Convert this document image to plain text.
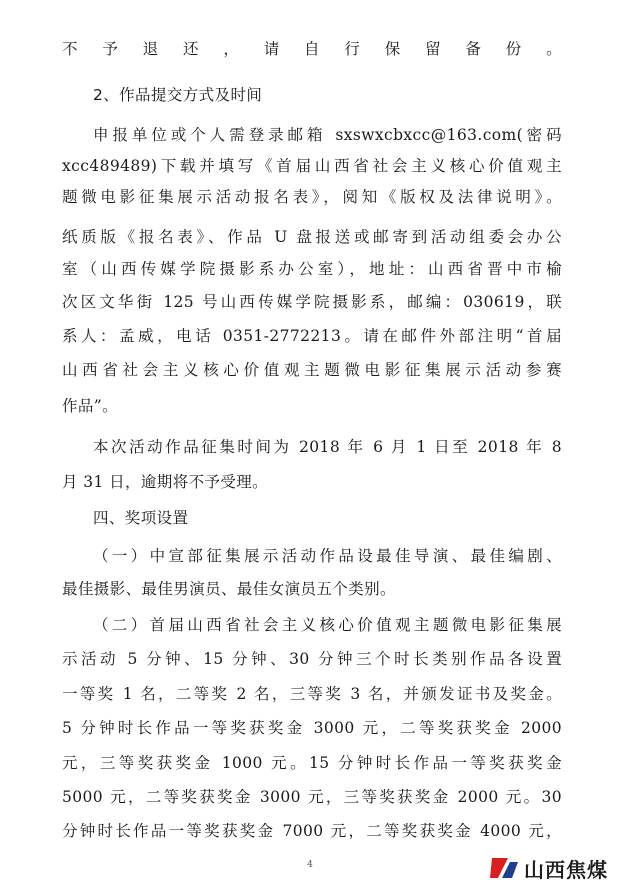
不予退还，请自行保留备份。
2、作品提交方式及时间
申报单位或个人需登录邮箱 sxswxcbxcc@163.com(密码
xcc489489)下载并填写《首届山西省社会主义核心价值观主
题微电影征集展示活动报名表》，阅知《版权及法律说明》。
纸质版《报名表》、作品 U 盘报送或邮寄到活动组委会办公
室（山西传媒学院摄影系办公室），地址：山西省晋中市榆
次区文华街 125 号山西传媒学院摄影系，邮编：030619，联
系人：孟威，电话 0351-2772213。请在邮件外部注明“首届
山西省社会主义核心价值观主题微电影征集展示活动参赛
作品”。
本次活动作品征集时间为 2018 年 6 月 1 日至 2018 年 8
月 31 日，逾期将不予受理。
四、奖项设置
（一）中宣部征集展示活动作品设最佳导演、最佳编剧、
最佳摄影、最佳男演员、最佳女演员五个类别。
（二）首届山西省社会主义核心价值观主题微电影征集展
示活动 5 分钟、15 分钟、30 分钟三个时长类别作品各设置
一等奖 1 名，二等奖 2 名，三等奖 3 名，并颁发证书及奖金。
5 分钟时长作品一等奖获奖金 3000 元，二等奖获奖金 2000
元，三等奖获奖金 1000 元。15 分钟时长作品一等奖获奖金
5000 元，二等奖获奖金 3000 元，三等奖获奖金 2000 元。30
分钟时长作品一等奖获奖金 7000 元，二等奖获奖金 4000 元，
4	山西焦煤
